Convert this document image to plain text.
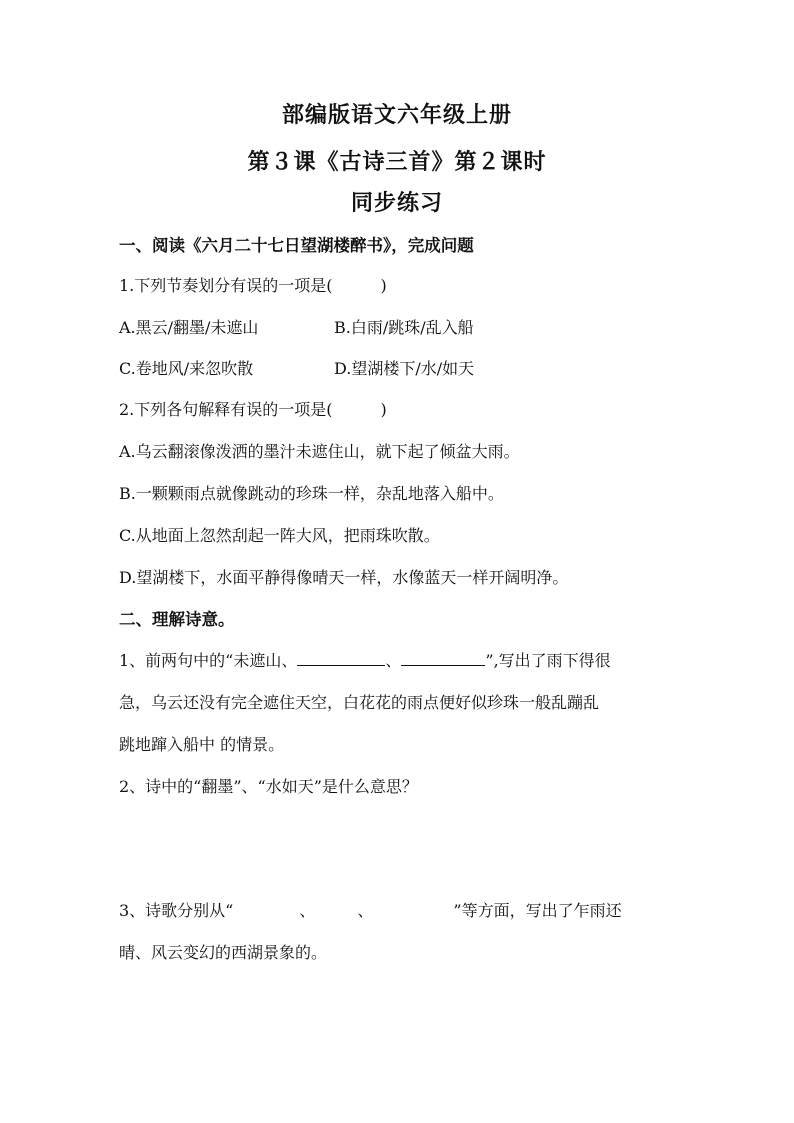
部编版语文六年级上册
第３课《古诗三首》第２课时
同步练习
一、阅读《六月二十七日望湖楼醉书》，完成问题
1.下列节奏划分有误的一项是(　　　)
A.黑云/翻墨/未遮山	B.白雨/跳珠/乱入船
C.卷地风/来忽吹散	D.望湖楼下/水/如天
2.下列各句解释有误的一项是(　　　)
A.乌云翻滚像泼洒的墨汁未遮住山，就下起了倾盆大雨。
B.一颗颗雨点就像跳动的珍珠一样，杂乱地落入船中。
C.从地面上忽然刮起一阵大风，把雨珠吹散。
D.望湖楼下，水面平静得像晴天一样，水像蓝天一样开阔明净。
二、理解诗意。
1、前两句中的“未遮山、	、	”,写出了雨下得很
急，乌云还没有完全遮住天空，白花花的雨点便好似珍珠一般乱蹦乱
跳地蹿入船中 的情景。
2、诗中的“翻墨”、“水如天”是什么意思？
3、诗歌分别从“	、	、	”等方面，写出了乍雨还
晴、风云变幻的西湖景象的。
